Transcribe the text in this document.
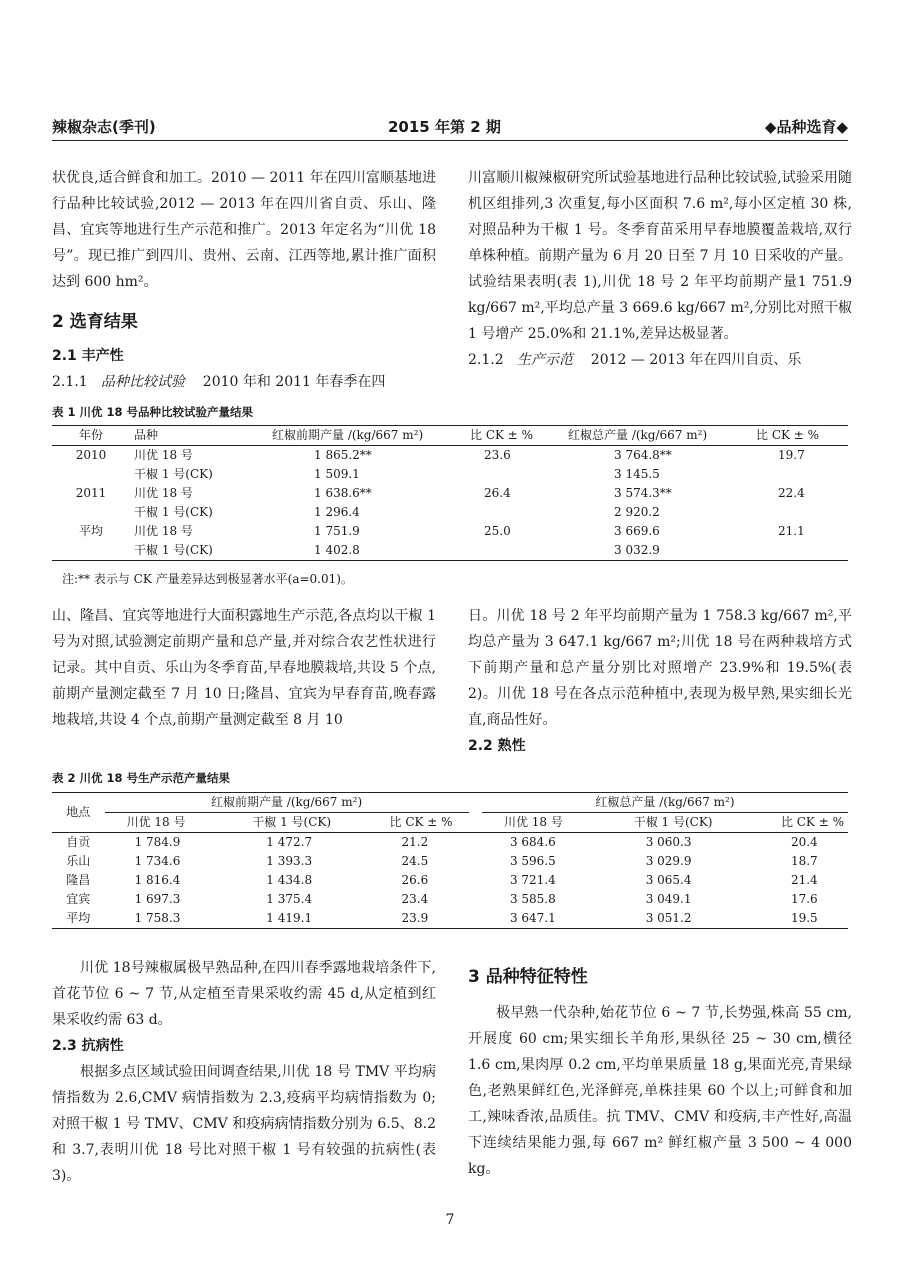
辣椒杂志(季刊)	2015 年第 2 期	◆品种选育◆

状优良,适合鲜食和加工。2010 — 2011 年在四川富顺基地进行品种比较试验,2012 — 2013 年在四川省自贡、乐山、隆昌、宜宾等地进行生产示范和推广。2013 年定名为“川优 18 号”。现已推广到四川、贵州、云南、江西等地,累计推广面积达到 600 hm²。

2 选育结果
2.1 丰产性
2.1.1 品种比较试验 2010 年和 2011 年春季在四

川富顺川椒辣椒研究所试验基地进行品种比较试验,试验采用随机区组排列,3 次重复,每小区面积 7.6 m²,每小区定植 30 株,对照品种为干椒 1 号。冬季育苗采用早春地膜覆盖栽培,双行单株种植。前期产量为 6 月 20 日至 7 月 10 日采收的产量。试验结果表明(表 1),川优 18 号 2 年平均前期产量1 751.9 kg/667 m²,平均总产量 3 669.6 kg/667 m²,分别比对照干椒 1 号增产 25.0%和 21.1%,差异达极显著。

2.1.2 生产示范 2012 — 2013 年在四川自贡、乐
表 1 川优 18 号品种比较试验产量结果
年份	品种	红椒前期产量 /(kg/667 m²)	比 CK ± %	红椒总产量 /(kg/667 m²)	比 CK ± %
2010	川优 18 号	1 865.2**	23.6	3 764.8**	19.7
	干椒 1 号(CK)	1 509.1		3 145.5	
2011	川优 18 号	1 638.6**	26.4	3 574.3**	22.4
	干椒 1 号(CK)	1 296.4		2 920.2	
平均	川优 18 号	1 751.9	25.0	3 669.6	21.1
	干椒 1 号(CK)	1 402.8		3 032.9	
注:** 表示与 CK 产量差异达到极显著水平(a=0.01)。

山、隆昌、宜宾等地进行大面积露地生产示范,各点均以干椒 1 号为对照,试验测定前期产量和总产量,并对综合农艺性状进行记录。其中自贡、乐山为冬季育苗,早春地膜栽培,共设 5 个点,前期产量测定截至 7 月 10 日;隆昌、宜宾为早春育苗,晚春露地栽培,共设 4 个点,前期产量测定截至 8 月 10

日。川优 18 号 2 年平均前期产量为 1 758.3 kg/667 m²,平均总产量为 3 647.1 kg/667 m²;川优 18 号在两种栽培方式下前期产量和总产量分别比对照增产 23.9%和 19.5%(表 2)。川优 18 号在各点示范种植中,表现为极早熟,果实细长光直,商品性好。

2.2 熟性
表 2 川优 18 号生产示范产量结果
地点	红椒前期产量 /(kg/667 m²)				红椒总产量 /(kg/667 m²)		
	川优 18 号	干椒 1 号(CK)	比 CK ± %		川优 18 号	干椒 1 号(CK)	比 CK ± %
自贡	1 784.9	1 472.7	21.2		3 684.6	3 060.3	20.4
乐山	1 734.6	1 393.3	24.5		3 596.5	3 029.9	18.7
隆昌	1 816.4	1 434.8	26.6		3 721.4	3 065.4	21.4
宜宾	1 697.3	1 375.4	23.4		3 585.8	3 049.1	17.6
平均	1 758.3	1 419.1	23.9		3 647.1	3 051.2	19.5

川优 18号辣椒属极早熟品种,在四川春季露地栽培条件下,首花节位 6 ~ 7 节,从定植至青果采收约需 45 d,从定植到红果采收约需 63 d。

2.3 抗病性

根据多点区域试验田间调查结果,川优 18 号 TMV 平均病情指数为 2.6,CMV 病情指数为 2.3,疫病平均病情指数为 0;对照干椒 1 号 TMV、CMV 和疫病病情指数分别为 6.5、8.2 和 3.7,表明川优 18 号比对照干椒 1 号有较强的抗病性(表 3)。

3 品种特征特性

极早熟一代杂种,始花节位 6 ~ 7 节,长势强,株高 55 cm,开展度 60 cm;果实细长羊角形,果纵径 25 ~ 30 cm,横径 1.6 cm,果肉厚 0.2 cm,平均单果质量 18 g,果面光亮,青果绿色,老熟果鲜红色,光泽鲜亮,单株挂果 60 个以上;可鲜食和加工,辣味香浓,品质佳。抗 TMV、CMV 和疫病,丰产性好,高温下连续结果能力强,每 667 m² 鲜红椒产量 3 500 ~ 4 000 kg。

7
